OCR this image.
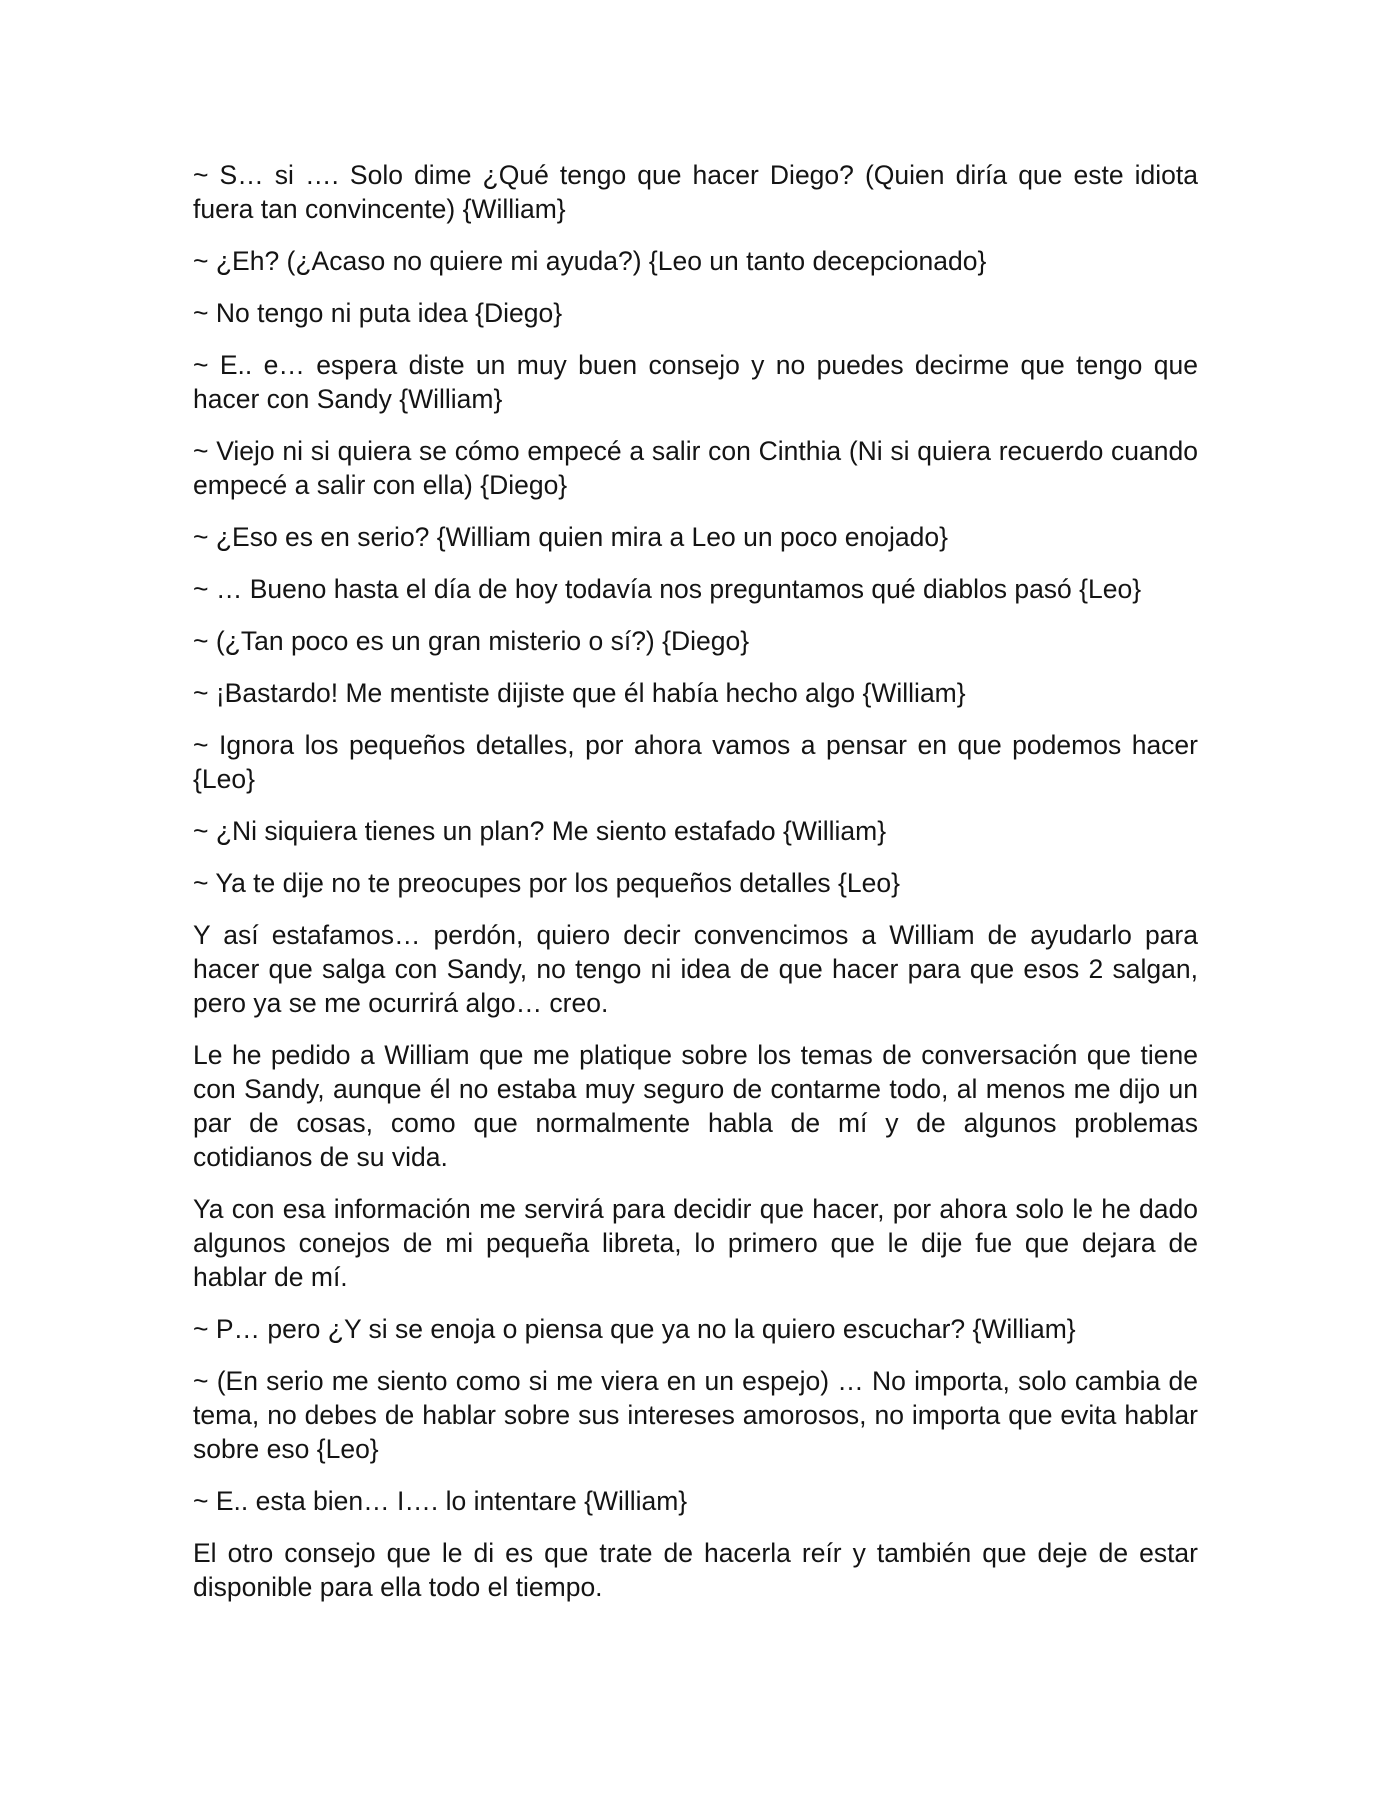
~ S… si …. Solo dime ¿Qué tengo que hacer Diego? (Quien diría que este idiota fuera tan convincente) {William}

~ ¿Eh? (¿Acaso no quiere mi ayuda?) {Leo un tanto decepcionado}

~ No tengo ni puta idea {Diego}

~ E.. e… espera diste un muy buen consejo y no puedes decirme que tengo que hacer con Sandy {William}

~ Viejo ni si quiera se cómo empecé a salir con Cinthia (Ni si quiera recuerdo cuando empecé a salir con ella) {Diego}

~ ¿Eso es en serio? {William quien mira a Leo un poco enojado}

~ … Bueno hasta el día de hoy todavía nos preguntamos qué diablos pasó {Leo}

~ (¿Tan poco es un gran misterio o sí?) {Diego}

~ ¡Bastardo! Me mentiste dijiste que él había hecho algo {William}

~ Ignora los pequeños detalles, por ahora vamos a pensar en que podemos hacer {Leo}

~ ¿Ni siquiera tienes un plan? Me siento estafado {William}

~ Ya te dije no te preocupes por los pequeños detalles {Leo}

Y así estafamos… perdón, quiero decir convencimos a William de ayudarlo para hacer que salga con Sandy, no tengo ni idea de que hacer para que esos 2 salgan, pero ya se me ocurrirá algo… creo.

Le he pedido a William que me platique sobre los temas de conversación que tiene con Sandy, aunque él no estaba muy seguro de contarme todo, al menos me dijo un par de cosas, como que normalmente habla de mí y de algunos problemas cotidianos de su vida.

Ya con esa información me servirá para decidir que hacer, por ahora solo le he dado algunos conejos de mi pequeña libreta, lo primero que le dije fue que dejara de hablar de mí.

~ P… pero ¿Y si se enoja o piensa que ya no la quiero escuchar? {William}

~ (En serio me siento como si me viera en un espejo) … No importa, solo cambia de tema, no debes de hablar sobre sus intereses amorosos, no importa que evita hablar sobre eso {Leo}

~ E.. esta bien… I…. lo intentare {William}

El otro consejo que le di es que trate de hacerla reír y también que deje de estar disponible para ella todo el tiempo.
